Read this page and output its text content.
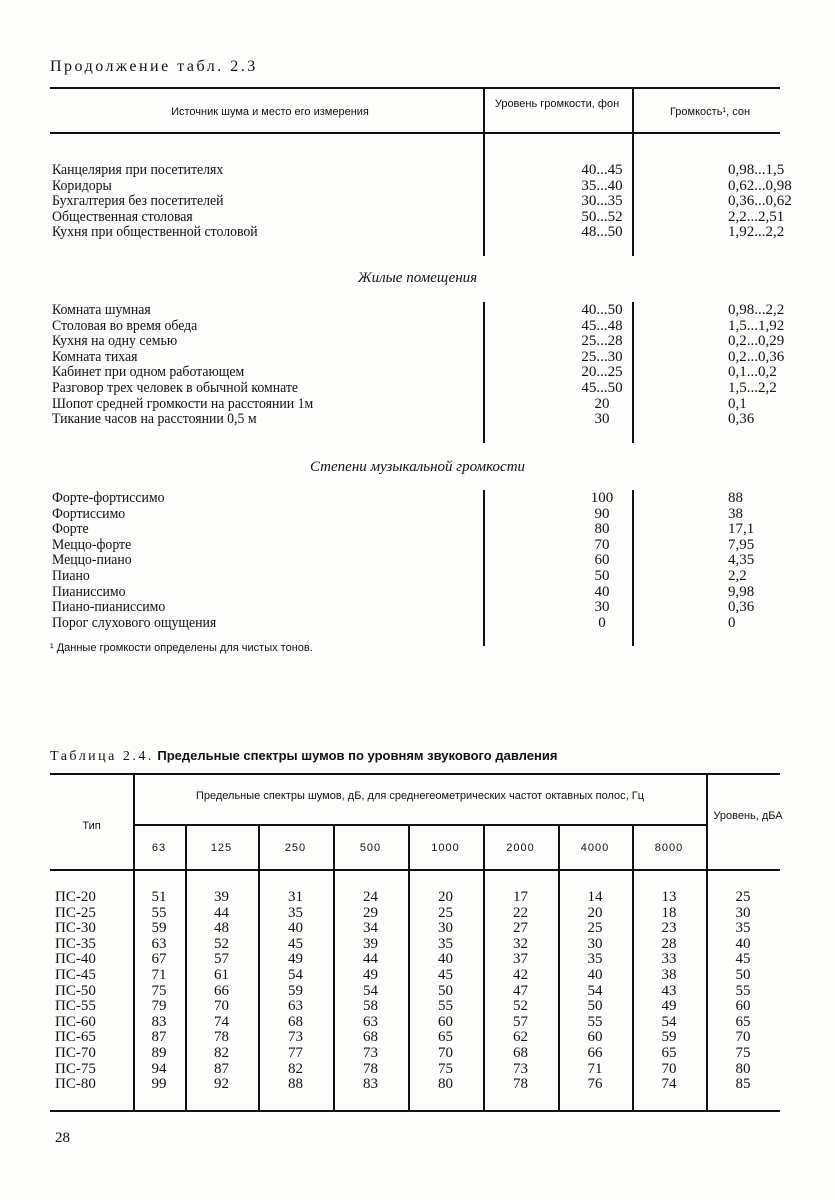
Продолжение табл. 2.3
Источник шума и место его измерения
Уровень громкости, фон
Громкость¹, сон
Канцелярия при посетителях	40...45	0,98...1,5
Коридоры	35...40	0,62...0,98
Бухгалтерия без посетителей	30...35	0,36...0,62
Общественная столовая	50...52	2,2...2,51
Кухня при общественной столовой	48...50	1,92...2,2
Жилые помещения
Комната шумная	40...50	0,98...2,2
Столовая во время обеда	45...48	1,5...1,92
Кухня на одну семью	25...28	0,2...0,29
Комната тихая	25...30	0,2...0,36
Кабинет при одном работающем	20...25	0,1...0,2
Разговор трех человек в обычной комнате	45...50	1,5...2,2
Шопот средней громкости на расстоянии 1м	20	0,1
Тикание часов на расстоянии 0,5 м	30	0,36
Степени музыкальной громкости
Форте-фортиссимо	100	88
Фортиссимо	90	38
Форте	80	17,1
Меццо-форте	70	7,95
Меццо-пиано	60	4,35
Пиано	50	2,2
Пианиссимо	40	9,98
Пиано-пианиссимо	30	0,36
Порог слухового ощущения	0	0
¹ Данные громкости определены для чистых тонов.
Таблица 2.4. Предельные спектры шумов по уровням звукового давления
Тип
Предельные спектры шумов, дБ, для среднегеометрических частот октавных полос, Гц
Уровень, дБА
63	125	250	500	1000	2000	4000	8000
ПС-20	51	39	31	24	20	17	14	13	25
ПС-25	55	44	35	29	25	22	20	18	30
ПС-30	59	48	40	34	30	27	25	23	35
ПС-35	63	52	45	39	35	32	30	28	40
ПС-40	67	57	49	44	40	37	35	33	45
ПС-45	71	61	54	49	45	42	40	38	50
ПС-50	75	66	59	54	50	47	54	43	55
ПС-55	79	70	63	58	55	52	50	49	60
ПС-60	83	74	68	63	60	57	55	54	65
ПС-65	87	78	73	68	65	62	60	59	70
ПС-70	89	82	77	73	70	68	66	65	75
ПС-75	94	87	82	78	75	73	71	70	80
ПС-80	99	92	88	83	80	78	76	74	85
28
